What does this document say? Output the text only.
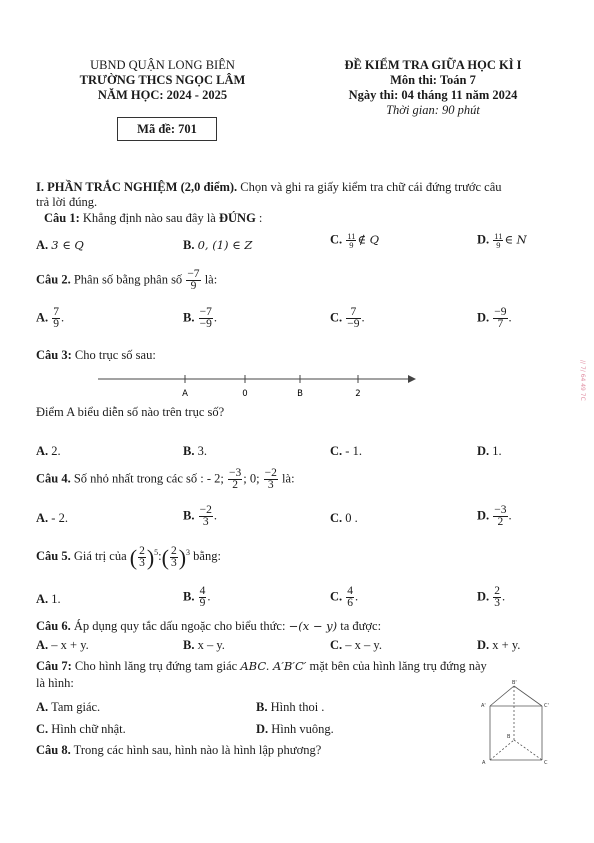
UBND QUẬN LONG BIÊN
TRƯỜNG THCS NGỌC LÂM
NĂM HỌC: 2024 - 2025
Mã đề: 701
ĐỀ KIỂM TRA GIỮA HỌC KÌ I
Môn thi: Toán 7
Ngày thi: 04 tháng 11 năm 2024
Thời gian: 90 phút
I. PHẦN TRẮC NGHIỆM (2,0 điểm). Chọn và ghi ra giấy kiểm tra chữ cái đứng trước câu
trả lời đúng.
Câu 1: Khẳng định nào sau đây là ĐÚNG :
A. 3 ∈ Q	B. 0, (1) ∈ Z	C. $\frac{11}{9}$ ∉ Q	D. $\frac{11}{9}$ ∈ N
Câu 2. Phân số bằng phân số $\frac{-7}{9}$ là:
A. $\frac{7}{9}$ .	B. $\frac{-7}{-9}$ .	C. $\frac{7}{-9}$ .	D. $\frac{-9}{7}$ .
Câu 3: Cho trục số sau:
A	0	B	2
Điểm A biểu diễn số nào trên trục số?
A. 2.	B. 3.	C. - 1.	D. 1.
Câu 4. Số nhỏ nhất trong các số : - 2; $\frac{-3}{2}$ ; 0; $\frac{-2}{3}$ là:
A. - 2.	B. $\frac{-2}{3}$ .	C. 0 .	D. $\frac{-3}{2}$ .
Câu 5. Giá trị của ( $\frac{2}{3}$ )$^5$:( $\frac{2}{3} )^3$ bằng:
A. 1.	B. $\frac{4}{9}$ .	C. $\frac{4}{6}$ .	D. $\frac{2}{3}$ .
Câu 6. Áp dụng quy tắc dấu ngoặc cho biểu thức: −(x − y) ta được:
A. – x + y.	B. x – y.	C. – x – y.	D. x + y.
Câu 7: Cho hình lăng trụ đứng tam giác ABC. A′B′C′ mặt bên của hình lăng trụ đứng này
là hình:
A. Tam giác.	B. Hình thoi .
C. Hình chữ nhật.	D. Hình vuông.
B'
A'	C'
B
A	C
Câu 8. Trong các hình sau, hình nào là hình lập phương?
// 7/ 64 49 7C
